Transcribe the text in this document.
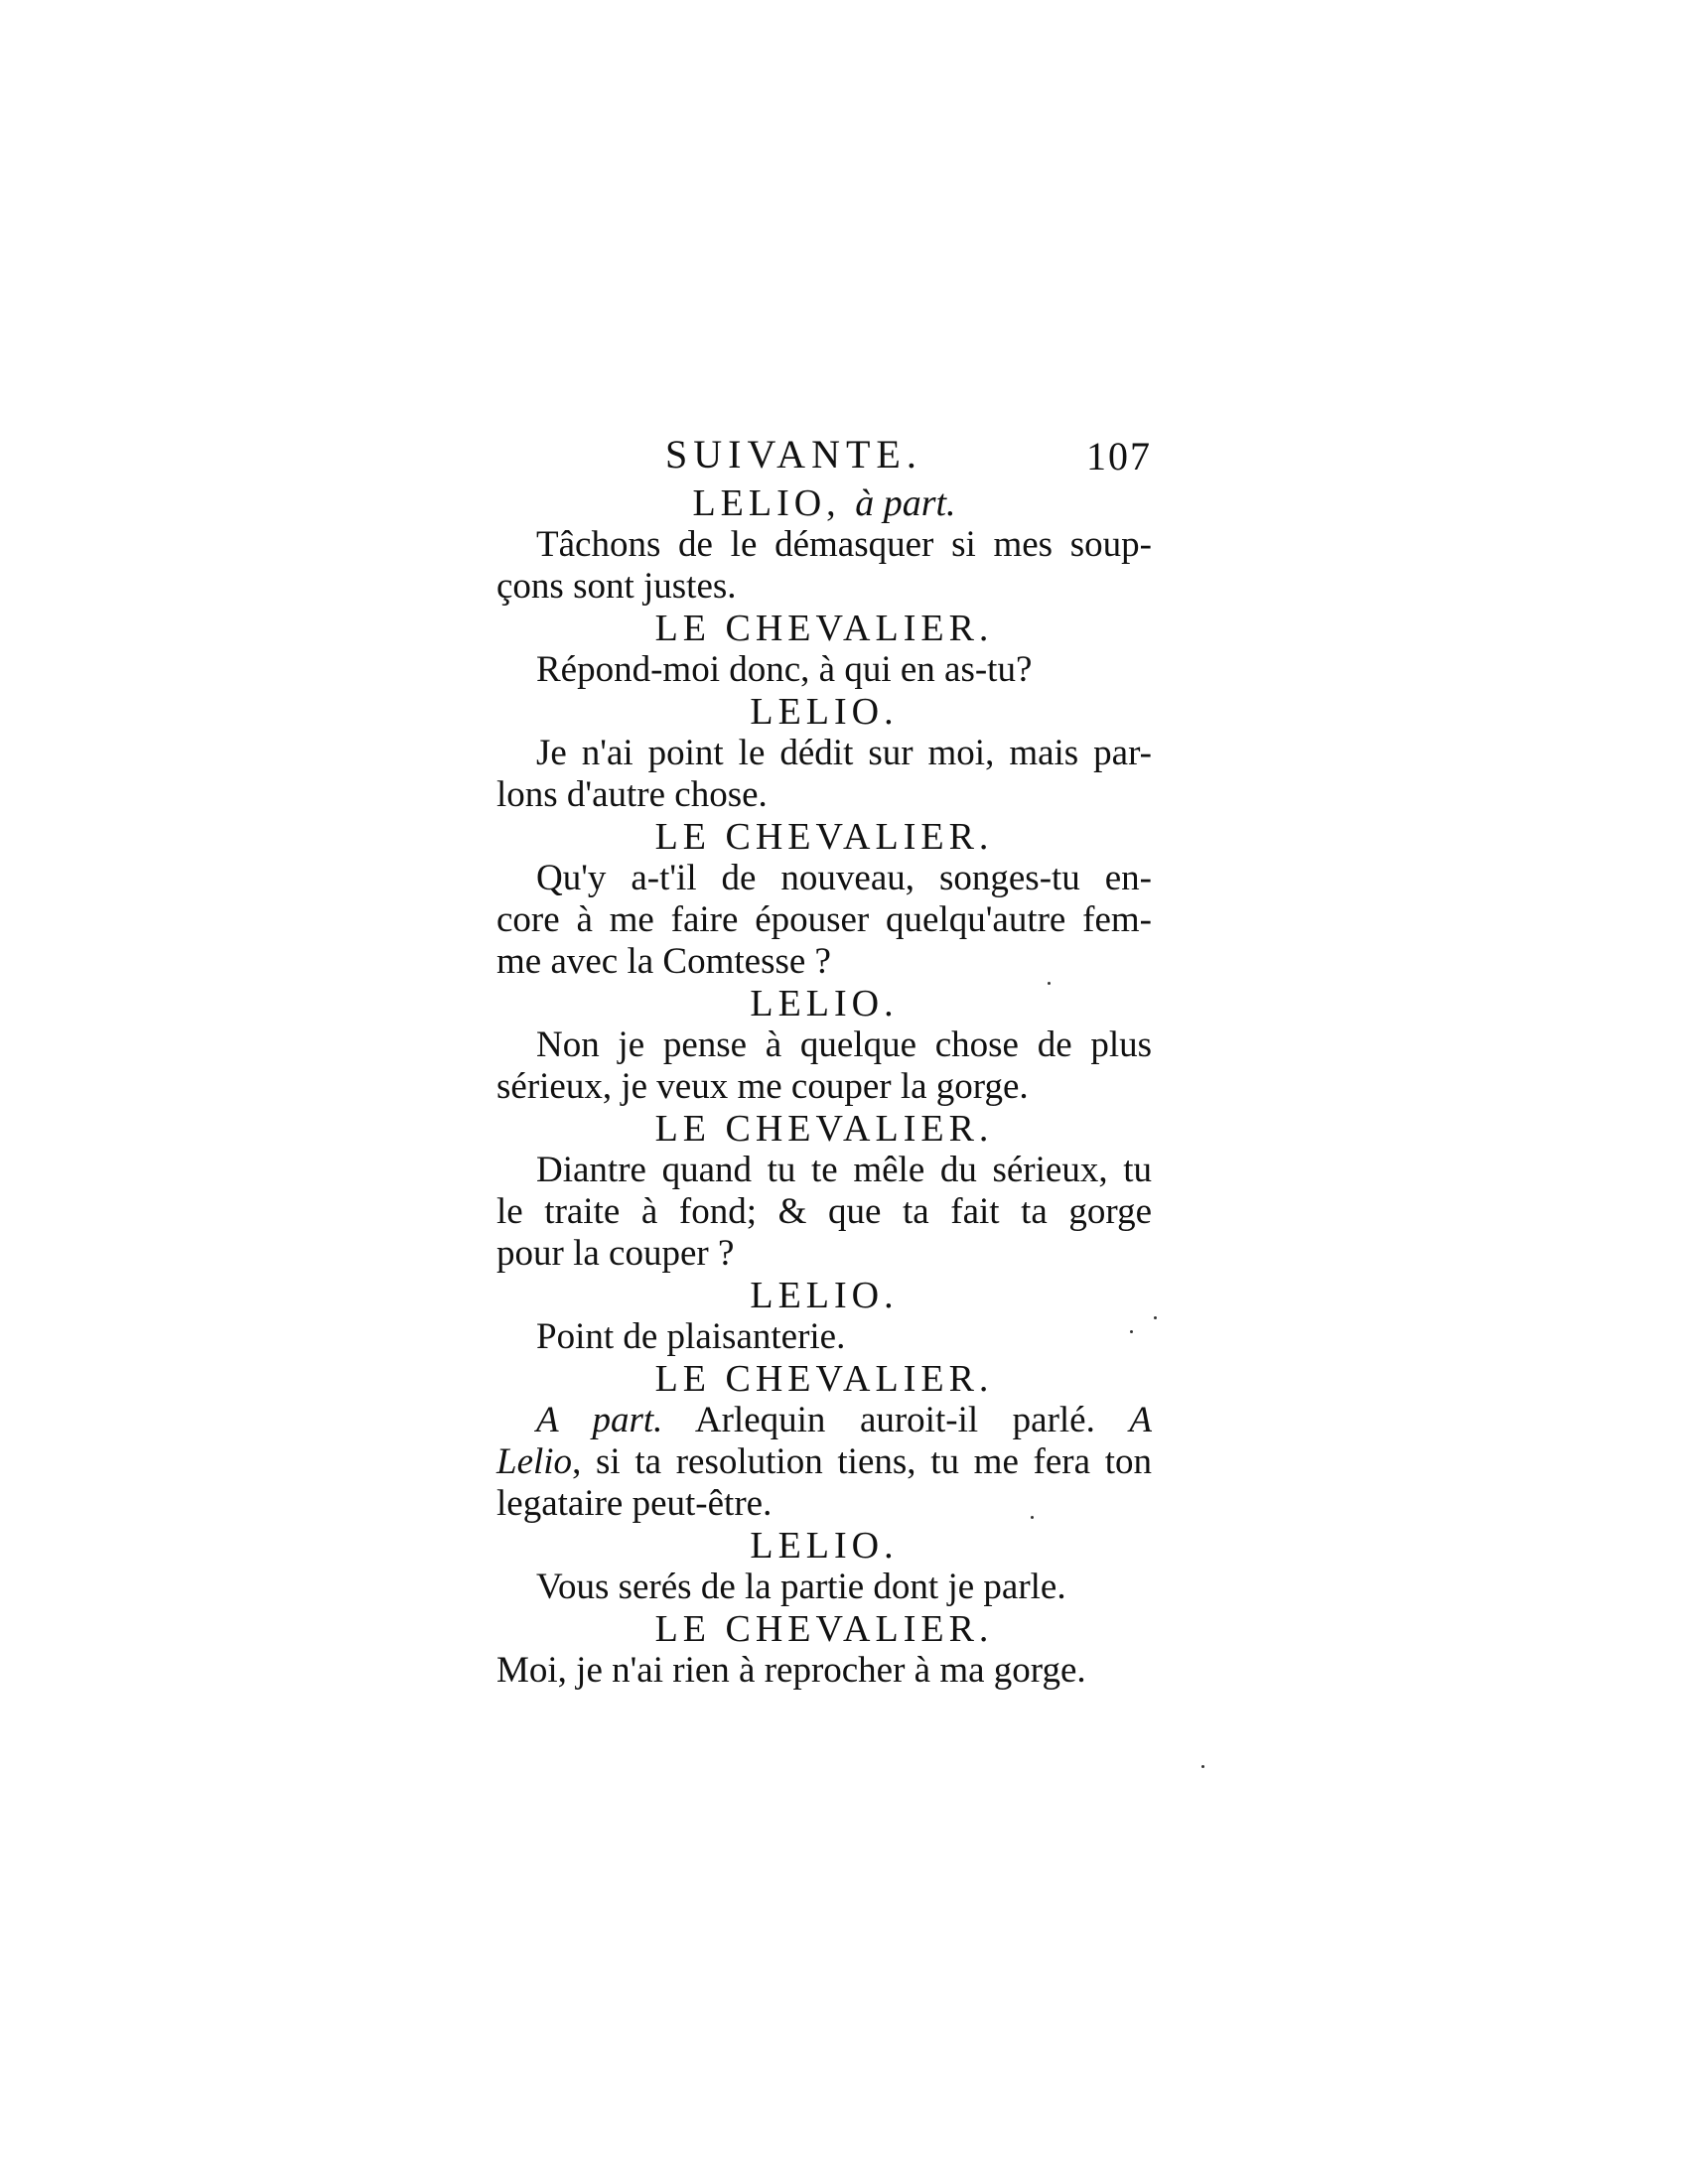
SUIVANTE.	107
LELIO, à part.
Tâchons de le démasquer si mes soup-
çons sont justes.
LE CHEVALIER.
Répond-moi donc, à qui en as-tu?
LELIO.
Je n'ai point le dédit sur moi, mais par-
lons d'autre chose.
LE CHEVALIER.
Qu'y a-t'il de nouveau, songes-tu en-
core à me faire épouser quelqu'autre fem-
me avec la Comtesse ?
LELIO.
Non je pense à quelque chose de plus
sérieux, je veux me couper la gorge.
LE CHEVALIER.
Diantre quand tu te mêle du sérieux, tu
le traite à fond; & que ta fait ta gorge
pour la couper ?
LELIO.
Point de plaisanterie.
LE CHEVALIER.
A part. Arlequin auroit-il parlé. A
Lelio, si ta resolution tiens, tu me fera ton
legataire peut-être.
LELIO.
Vous serés de la partie dont je parle.
LE CHEVALIER.
Moi, je n'ai rien à reprocher à ma gorge.
